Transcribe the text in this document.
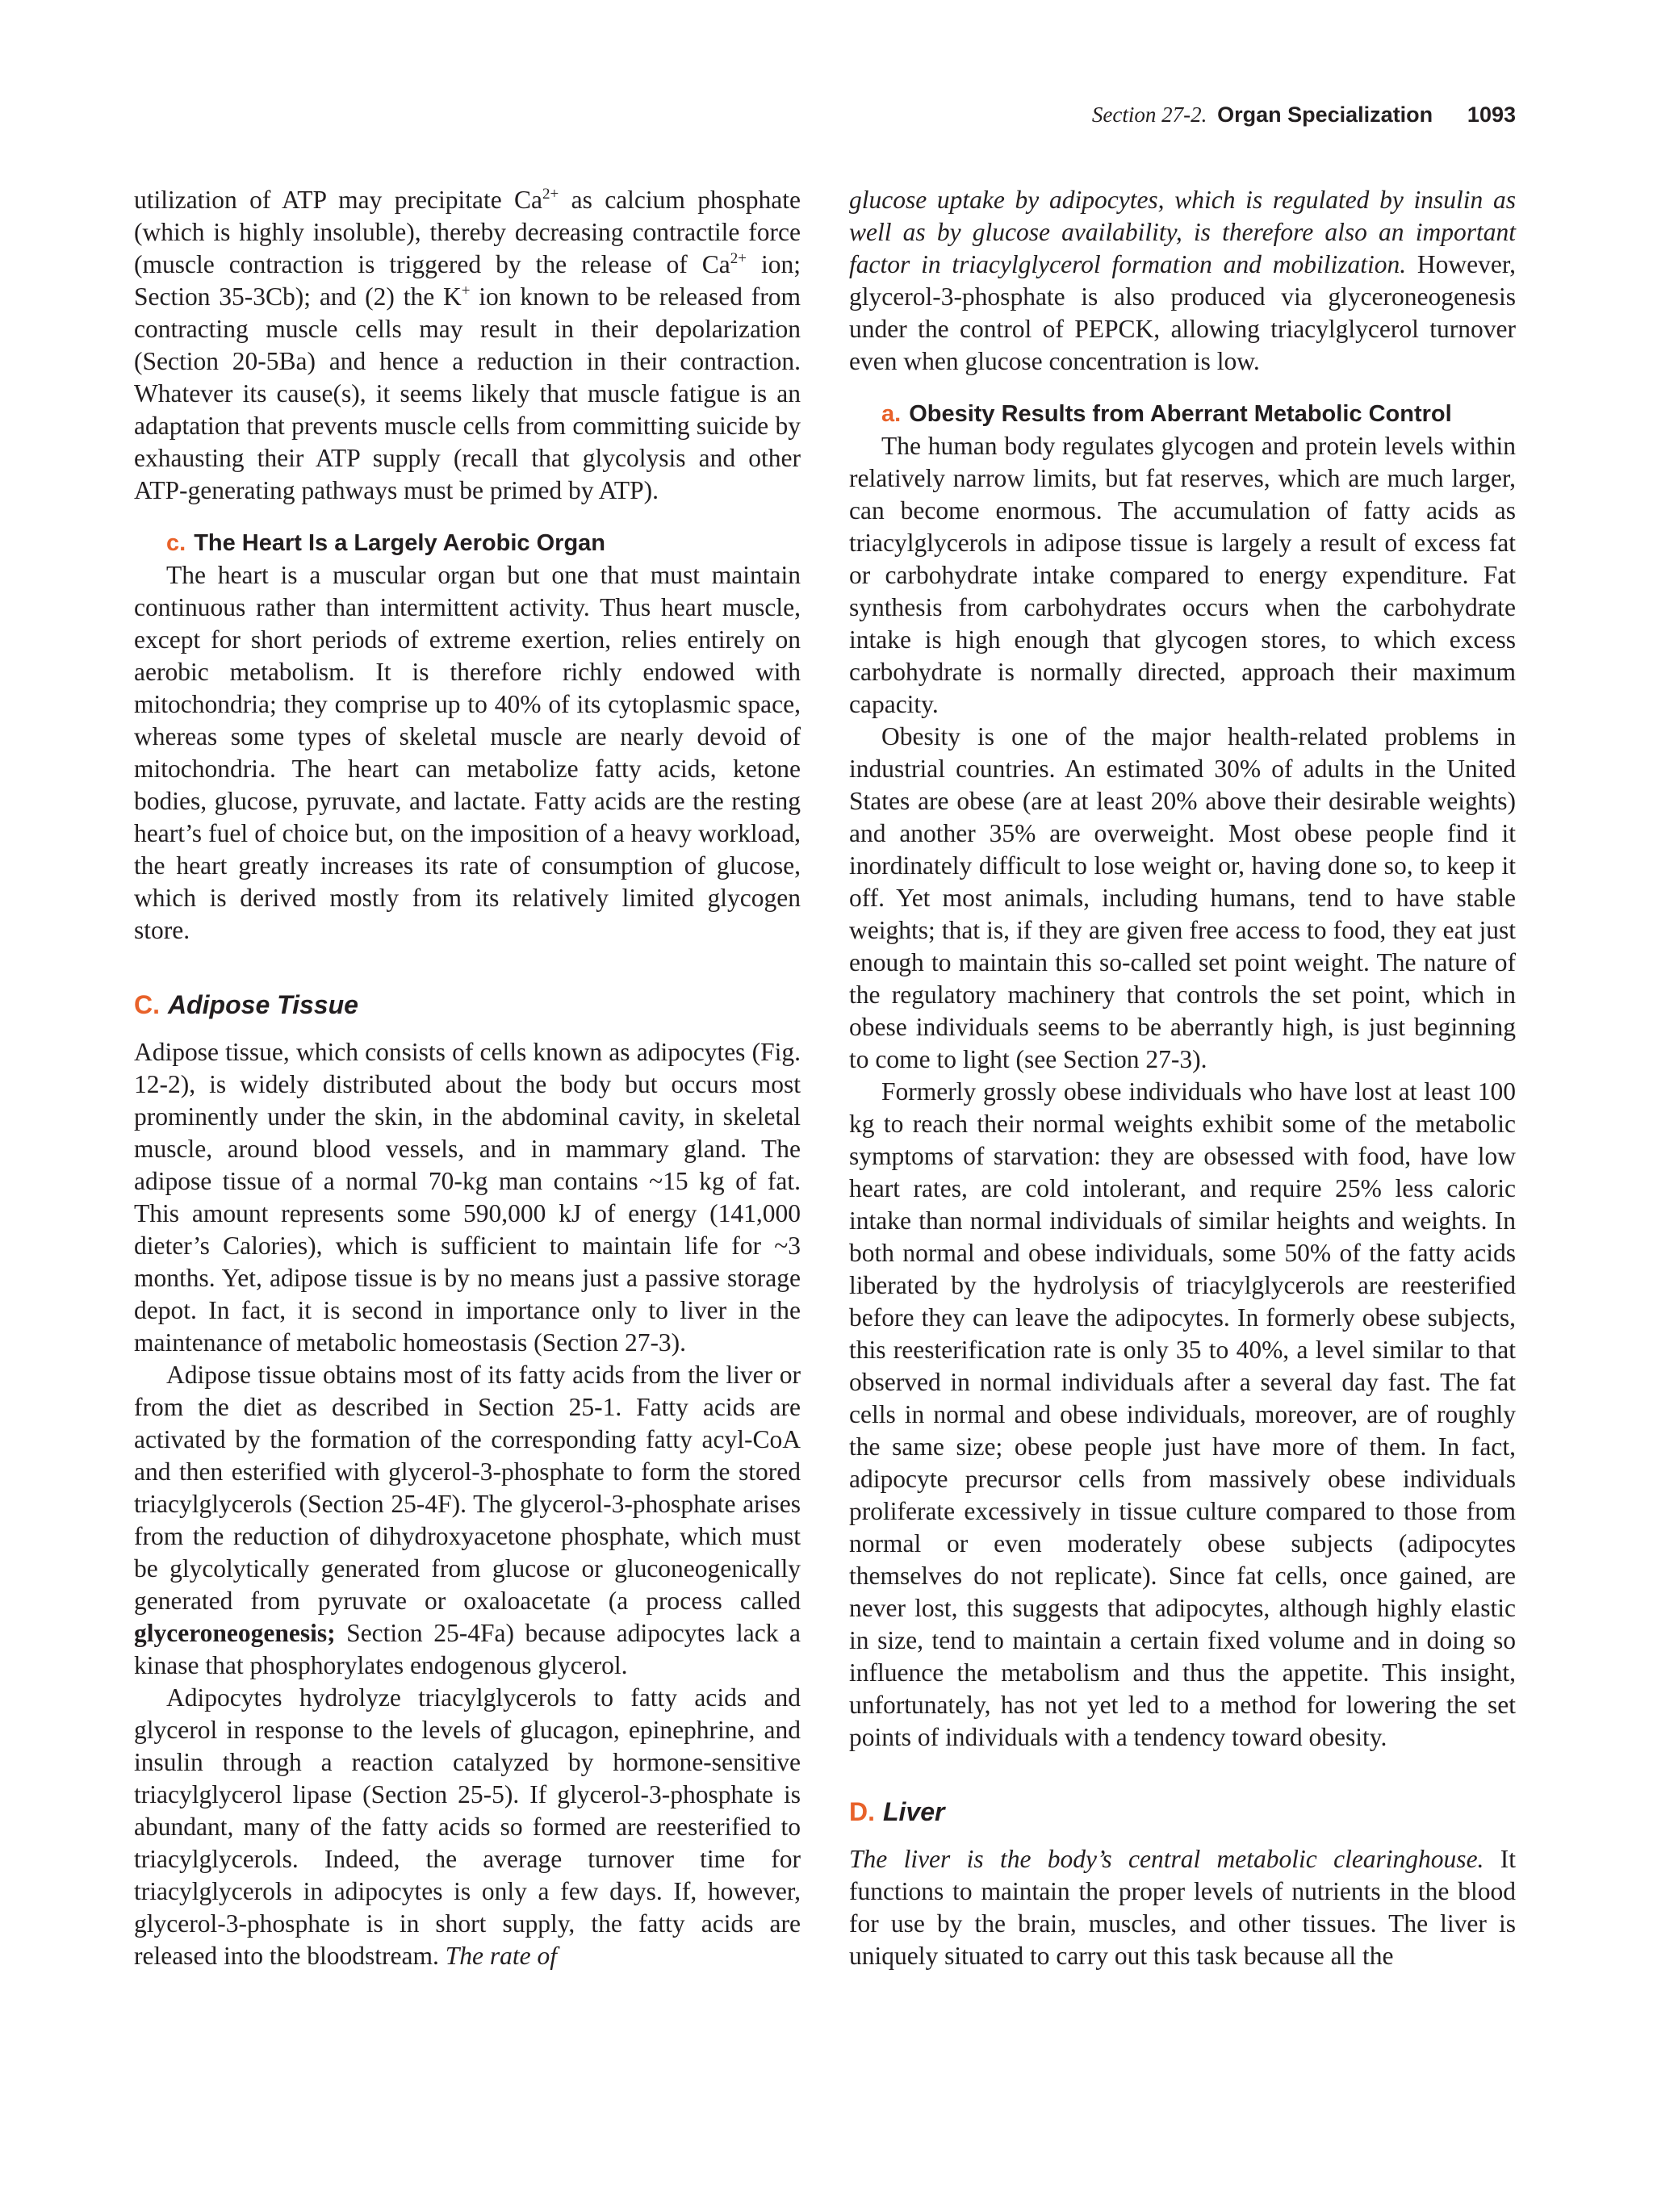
Section 27-2. Organ Specialization 1093

utilization of ATP may precipitate $Ca^{2+}$ as calcium phosphate (which is highly insoluble), thereby decreasing contractile force (muscle contraction is triggered by the release of $Ca^{2+}$ ion; Section 35-3Cb); and (2) the K+ ion known to be released from contracting muscle cells may result in their depolarization (Section 20-5Ba) and hence a reduction in their contraction. Whatever its cause(s), it seems likely that muscle fatigue is an adaptation that prevents muscle cells from committing suicide by exhausting their ATP supply (recall that glycolysis and other ATP-generating pathways must be primed by ATP).

c. The Heart Is a Largely Aerobic Organ

The heart is a muscular organ but one that must maintain continuous rather than intermittent activity. Thus heart muscle, except for short periods of extreme exertion, relies entirely on aerobic metabolism. It is therefore richly endowed with mitochondria; they comprise up to 40% of its cytoplasmic space, whereas some types of skeletal muscle are nearly devoid of mitochondria. The heart can metabolize fatty acids, ketone bodies, glucose, pyruvate, and lactate. Fatty acids are the resting heart’s fuel of choice but, on the imposition of a heavy workload, the heart greatly increases its rate of consumption of glucose, which is derived mostly from its relatively limited glycogen store.

C. Adipose Tissue

Adipose tissue, which consists of cells known as adipocytes (Fig. 12-2), is widely distributed about the body but occurs most prominently under the skin, in the abdominal cavity, in skeletal muscle, around blood vessels, and in mammary gland. The adipose tissue of a normal 70-kg man contains ~15 kg of fat. This amount represents some 590,000 kJ of energy (141,000 dieter’s Calories), which is sufficient to maintain life for ~3 months. Yet, adipose tissue is by no means just a passive storage depot. In fact, it is second in importance only to liver in the maintenance of metabolic homeostasis (Section 27-3).

Adipose tissue obtains most of its fatty acids from the liver or from the diet as described in Section 25-1. Fatty acids are activated by the formation of the corresponding fatty acyl-CoA and then esterified with glycerol-3-phosphate to form the stored triacylglycerols (Section 25-4F). The glycerol-3-phosphate arises from the reduction of dihydroxyacetone phosphate, which must be glycolytically generated from glucose or gluconeogenically generated from pyruvate or oxaloacetate (a process called glyceroneogenesis; Section 25-4Fa) because adipocytes lack a kinase that phosphorylates endogenous glycerol.

Adipocytes hydrolyze triacylglycerols to fatty acids and glycerol in response to the levels of glucagon, epinephrine, and insulin through a reaction catalyzed by hormone-sensitive triacylglycerol lipase (Section 25-5). If glycerol-3-phosphate is abundant, many of the fatty acids so formed are reesterified to triacylglycerols. Indeed, the average turnover time for triacylglycerols in adipocytes is only a few days. If, however, glycerol-3-phosphate is in short supply, the fatty acids are released into the bloodstream. The rate of

glucose uptake by adipocytes, which is regulated by insulin as well as by glucose availability, is therefore also an important factor in triacylglycerol formation and mobilization. However, glycerol-3-phosphate is also produced via glyceroneogenesis under the control of PEPCK, allowing triacylglycerol turnover even when glucose concentration is low.

a. Obesity Results from Aberrant Metabolic Control

The human body regulates glycogen and protein levels within relatively narrow limits, but fat reserves, which are much larger, can become enormous. The accumulation of fatty acids as triacylglycerols in adipose tissue is largely a result of excess fat or carbohydrate intake compared to energy expenditure. Fat synthesis from carbohydrates occurs when the carbohydrate intake is high enough that glycogen stores, to which excess carbohydrate is normally directed, approach their maximum capacity.

Obesity is one of the major health-related problems in industrial countries. An estimated 30% of adults in the United States are obese (are at least 20% above their desirable weights) and another 35% are overweight. Most obese people find it inordinately difficult to lose weight or, having done so, to keep it off. Yet most animals, including humans, tend to have stable weights; that is, if they are given free access to food, they eat just enough to maintain this so-called set point weight. The nature of the regulatory machinery that controls the set point, which in obese individuals seems to be aberrantly high, is just beginning to come to light (see Section 27-3).

Formerly grossly obese individuals who have lost at least 100 kg to reach their normal weights exhibit some of the metabolic symptoms of starvation: they are obsessed with food, have low heart rates, are cold intolerant, and require 25% less caloric intake than normal individuals of similar heights and weights. In both normal and obese individuals, some 50% of the fatty acids liberated by the hydrolysis of triacylglycerols are reesterified before they can leave the adipocytes. In formerly obese subjects, this reesterification rate is only 35 to 40%, a level similar to that observed in normal individuals after a several day fast. The fat cells in normal and obese individuals, moreover, are of roughly the same size; obese people just have more of them. In fact, adipocyte precursor cells from massively obese individuals proliferate excessively in tissue culture compared to those from normal or even moderately obese subjects (adipocytes themselves do not replicate). Since fat cells, once gained, are never lost, this suggests that adipocytes, although highly elastic in size, tend to maintain a certain fixed volume and in doing so influence the metabolism and thus the appetite. This insight, unfortunately, has not yet led to a method for lowering the set points of individuals with a tendency toward obesity.

D. Liver

The liver is the body’s central metabolic clearinghouse. It functions to maintain the proper levels of nutrients in the blood for use by the brain, muscles, and other tissues. The liver is uniquely situated to carry out this task because all the
